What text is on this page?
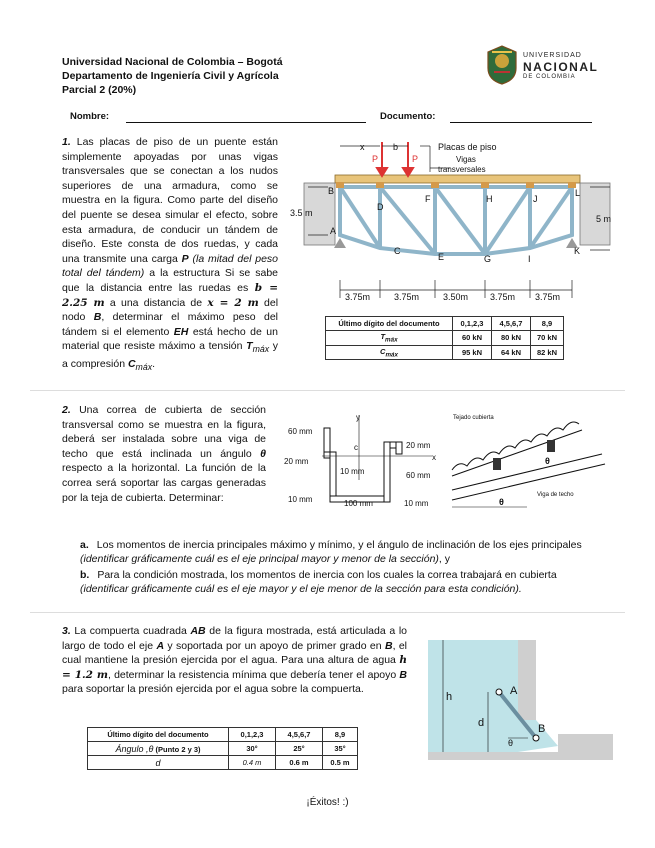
Universidad Nacional de Colombia – Bogotá
Departamento de Ingeniería Civil y Agrícola
Parcial 2 (20%)
UNIVERSIDAD
NACIONAL
DE COLOMBIA
Nombre:	Documento:
1. Las placas de piso de un puente están simplemente apoyadas por unas vigas transversales que se conectan a los nudos superiores de una armadura, como se muestra en la figura. Como parte del diseño del puente se desea simular el efecto, sobre esta armadura, de conducir un tándem de diseño. Este consta de dos ruedas, y cada una transmite una carga P (la mitad del peso total del tándem) a la estructura Si se sabe que la distancia entre las ruedas es b = 2.25 m a una distancia de x = 2 m del nodo B, determinar el máximo peso del tándem si el elemento EH está hecho de un material que resiste máximo a tensión $T_{máx}$ y a compresión $C_{máx}$.
x	b
P	P
Placas de piso
Vigas
transversales
B
D
F	H	J
L
A
C
E	G	I
K
3.5 m
5 m
3.75m	3.75m	3.50m 3.75m 3.75m
Último dígito del documento	0,1,2,3	4,5,6,7	8,9
$T_{máx}$	60 kN	80 kN	70 kN
$C_{máx}$	95 kN	64 kN	82 kN
2. Una correa de cubierta de sección transversal como se muestra en la figura, deberá ser instalada sobre una viga de techo que está inclinada un ángulo θ respecto a la horizontal. La función de la correa será soportar las cargas generadas por la teja de cubierta. Determinar:
y
x
c
60 mm
20 mm
20 mm
10 mm	60 mm
10 mm	100 mm	10 mm
Tejado cubierta
θ
Viga de techo
θ
a. Los momentos de inercia principales máximo y mínimo, y el ángulo de inclinación de los ejes principales (identificar gráficamente cuál es el eje principal mayor y menor de la sección), y
b. Para la condición mostrada, los momentos de inercia con los cuales la correa trabajará en cubierta (identificar gráficamente cuál es el eje mayor y el eje menor de la sección para esta condición).
3. La compuerta cuadrada AB de la figura mostrada, está articulada a lo largo de todo el eje A y soportada por un apoyo de primer grado en B, el cual mantiene la presión ejercida por el agua. Para una altura de agua h = 1.2 m, determinar la resistencia mínima que debería tener el apoyo B para soportar la presión ejercida por el agua sobre la compuerta.
h
d
A
B
θ
Último dígito del documento	0,1,2,3	4,5,6,7	8,9
Ángulo ,θ (Punto 2 y 3)	30°	25°	35°
d	0.4 m	0.6 m	0.5 m
¡Éxitos! :)
